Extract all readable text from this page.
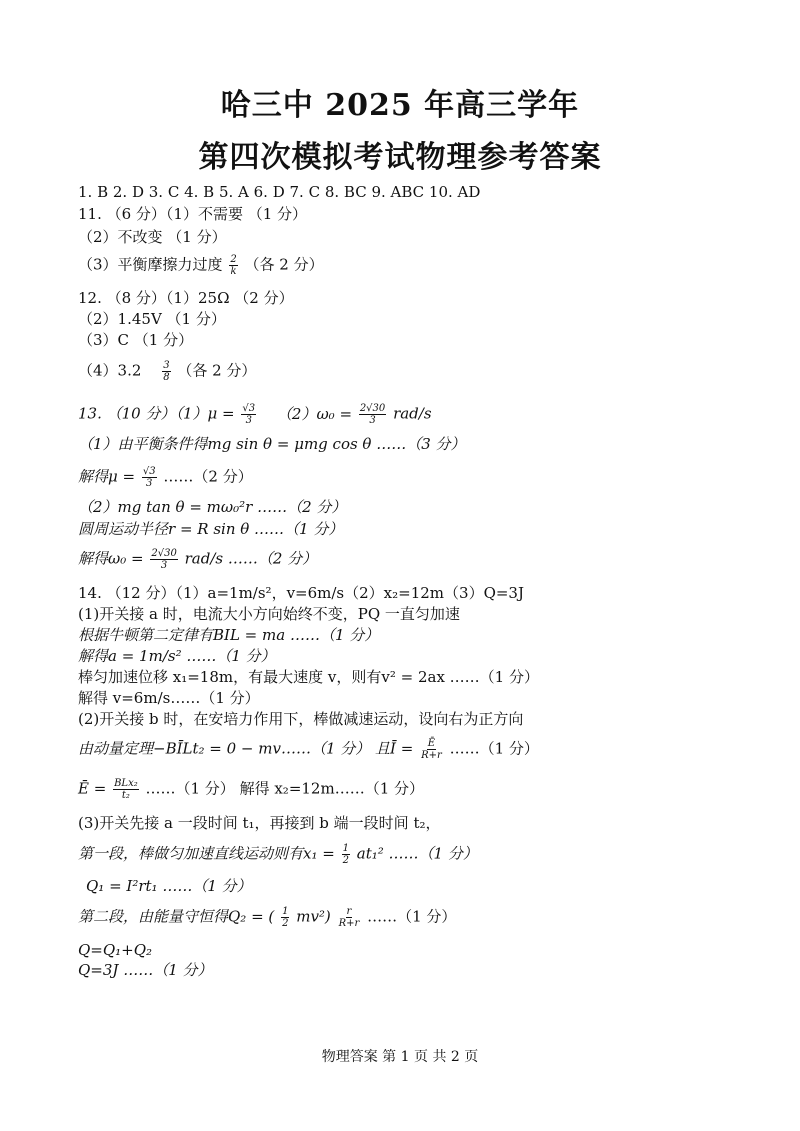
哈三中 2025 年高三学年
第四次模拟考试物理参考答案
1. B 2. D 3. C 4. B 5. A 6. D 7. C 8. BC 9. ABC 10. AD
11. （6 分）（1）不需要 （1 分）
（2）不改变 （1 分）
（3）平衡摩擦力过度 $\frac{2}{k}$ （各 2 分）
12. （8 分）（1）25Ω （2 分）
（2）1.45V （1 分）
（3）C （1 分）
$(4)3.2 \frac{3}{8}$ （各 2 分）
13. （10 分）$(1)\mu = \frac{√3}{3} (2)\omega_0 = \frac{2√30}{3} rad/s$
（1）由平衡条件得mg sin θ = μmg cos θ ……（3 分）
解得$\mu = \frac{√3}{3}$ ……（2 分）
（2）mg tan θ = mω₀²r ……（2 分）
圆周运动半径r = R sin θ ……（1 分）
解得$\omega_0 = \frac{2√30}{3} rad/s$ ……（2 分）
14. （12 分）（1）a=1m/s²，v=6m/s（2）x₂=12m（3）Q=3J
(1)开关接 a 时，电流大小方向始终不变，PQ 一直匀加速
根据牛顿第二定律有BIL = ma ……（1 分）
解得a = 1m/s² ……（1 分）
棒匀加速位移 x₁=18m，有最大速度 v，则有v² = 2ax ……（1 分）
解得 v=6m/s……（1 分）
(2)开关接 b 时，在安培力作用下，棒做减速运动，设向右为正方向
由动量定理−BĪLt₂ = 0 − mv……（1 分） 且Ī = $\frac{Ē}{R+r}$ ……（1 分）
Ē = $\frac{\text{BLx₂}}{\text{t₂}}$ ……（1 分） 解得 x₂=12m……（1 分）
(3)开关先接 a 一段时间 t₁，再接到 b 端一段时间 t₂，
第一段，棒做匀加速直线运动则有$x_1 = \frac{1}{2} at_1^2$ ……（1 分）
Q₁ = I²rt₁ ……（1 分）
第二段，由能量守恒得Q₂ = ( $\frac{1}{2} mv^2) \frac{r}{R+r}$ ……（1 分）
Q=Q₁+Q₂
Q=3J ……（1 分）
物理答案 第 1 页 共 2 页
